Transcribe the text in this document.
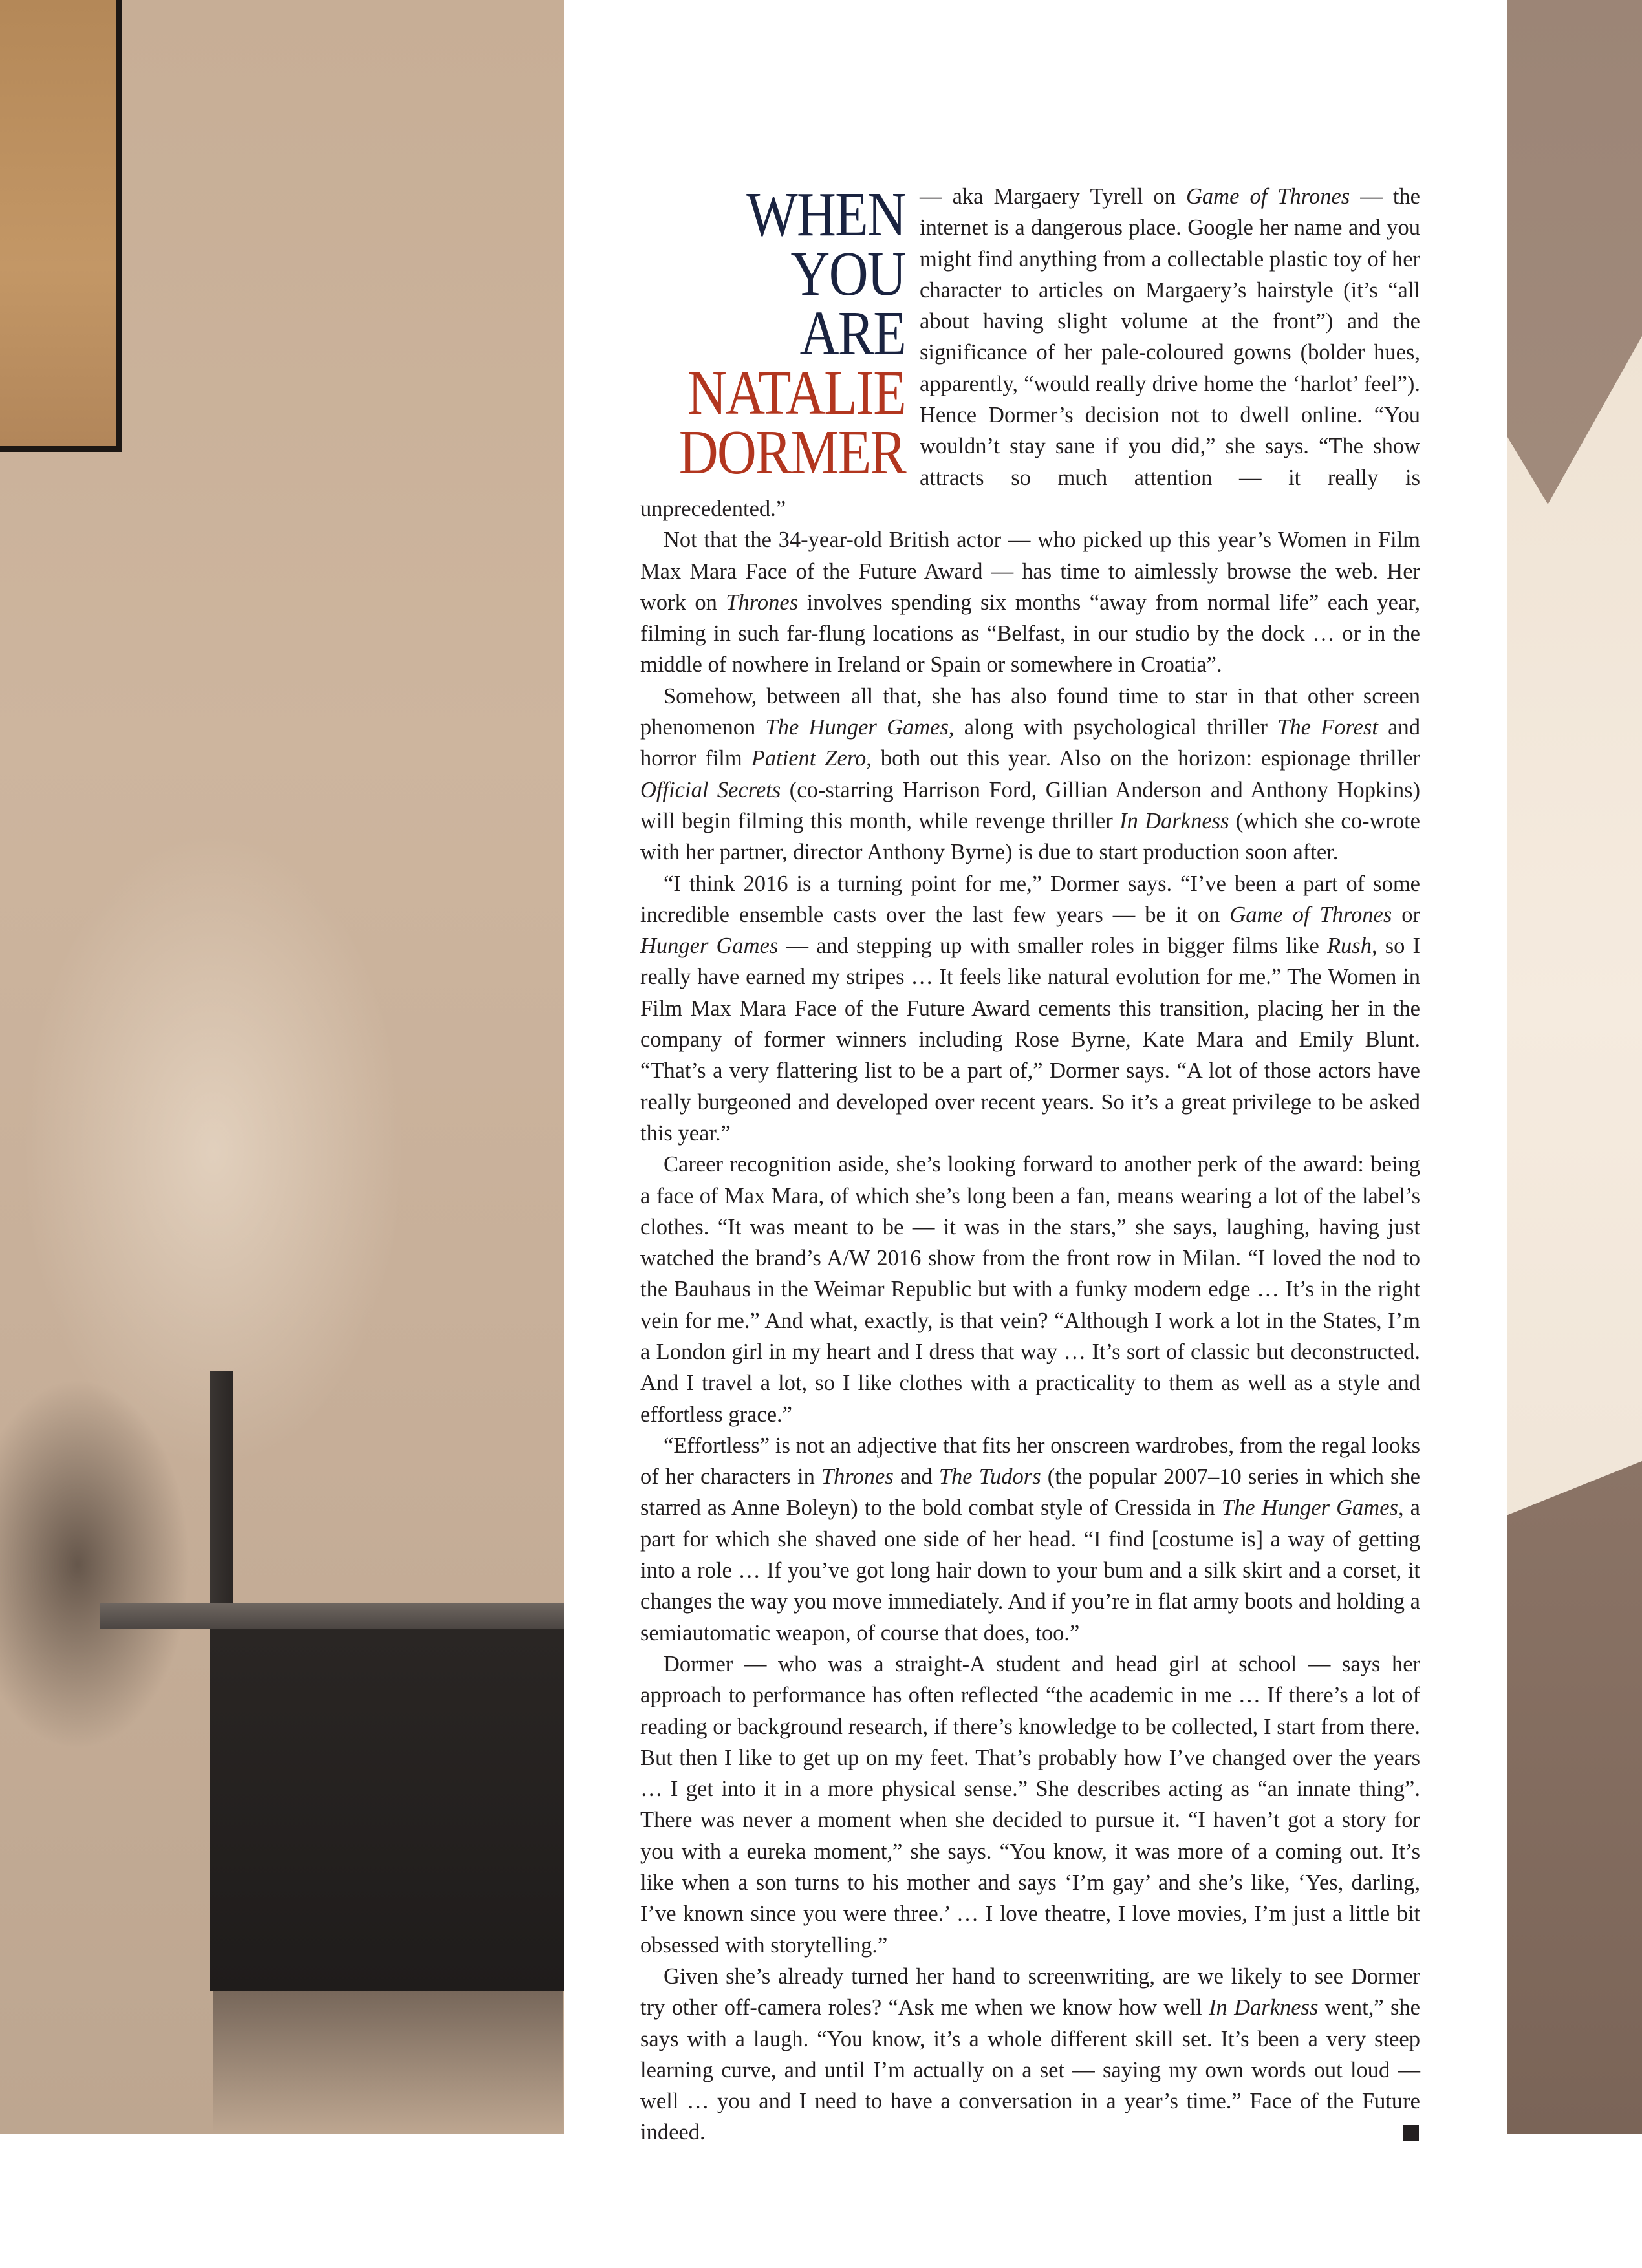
WHEN
YOU ARE
NATALIE
DORMER

— aka Margaery Tyrell on Game of Thrones — the internet is a dangerous place. Google her name and you might find anything from a collectable plastic toy of her character to articles on Margaery’s hairstyle (it’s “all about having slight volume at the front”) and the significance of her pale-coloured gowns (bolder hues, apparently, “would really drive home the ‘harlot’ feel”). Hence Dormer’s decision not to dwell online. “You wouldn’t stay sane if you did,” she says. “The show attracts so much attention — it really is unprecedented.”

Not that the 34-year-old British actor — who picked up this year’s Women in Film Max Mara Face of the Future Award — has time to aimlessly browse the web. Her work on Thrones involves spending six months “away from normal life” each year, filming in such far-flung locations as “Belfast, in our studio by the dock … or in the middle of nowhere in Ireland or Spain or somewhere in Croatia”.

Somehow, between all that, she has also found time to star in that other screen phenomenon The Hunger Games, along with psychological thriller The Forest and horror film Patient Zero, both out this year. Also on the horizon: espionage thriller Official Secrets (co-starring Harrison Ford, Gillian Anderson and Anthony Hopkins) will begin filming this month, while revenge thriller In Darkness (which she co-wrote with her partner, director Anthony Byrne) is due to start production soon after.

“I think 2016 is a turning point for me,” Dormer says. “I’ve been a part of some incredible ensemble casts over the last few years — be it on Game of Thrones or Hunger Games — and stepping up with smaller roles in bigger films like Rush, so I really have earned my stripes … It feels like natural evolution for me.” The Women in Film Max Mara Face of the Future Award cements this transition, placing her in the company of former winners including Rose Byrne, Kate Mara and Emily Blunt. “That’s a very flattering list to be a part of,” Dormer says. “A lot of those actors have really burgeoned and developed over recent years. So it’s a great privilege to be asked this year.”

Career recognition aside, she’s looking forward to another perk of the award: being a face of Max Mara, of which she’s long been a fan, means wearing a lot of the label’s clothes. “It was meant to be — it was in the stars,” she says, laughing, having just watched the brand’s A/W 2016 show from the front row in Milan. “I loved the nod to the Bauhaus in the Weimar Republic but with a funky modern edge … It’s in the right vein for me.” And what, exactly, is that vein? “Although I work a lot in the States, I’m a London girl in my heart and I dress that way … It’s sort of classic but deconstructed. And I travel a lot, so I like clothes with a practicality to them as well as a style and effortless grace.”

“Effortless” is not an adjective that fits her onscreen wardrobes, from the regal looks of her characters in Thrones and The Tudors (the popular 2007–10 series in which she starred as Anne Boleyn) to the bold combat style of Cressida in The Hunger Games, a part for which she shaved one side of her head. “I find [costume is] a way of getting into a role … If you’ve got long hair down to your bum and a silk skirt and a corset, it changes the way you move immediately. And if you’re in flat army boots and holding a semiautomatic weapon, of course that does, too.”

Dormer — who was a straight-A student and head girl at school — says her approach to performance has often reflected “the academic in me … If there’s a lot of reading or background research, if there’s knowledge to be collected, I start from there. But then I like to get up on my feet. That’s probably how I’ve changed over the years … I get into it in a more physical sense.” She describes acting as “an innate thing”. There was never a moment when she decided to pursue it. “I haven’t got a story for you with a eureka moment,” she says. “You know, it was more of a coming out. It’s like when a son turns to his mother and says ‘I’m gay’ and she’s like, ‘Yes, darling, I’ve known since you were three.’ … I love theatre, I love movies, I’m just a little bit obsessed with storytelling.”

Given she’s already turned her hand to screenwriting, are we likely to see Dormer try other off-camera roles? “Ask me when we know how well In Darkness went,” she says with a laugh. “You know, it’s a whole different skill set. It’s been a very steep learning curve, and until I’m actually on a set — saying my own words out loud — well … you and I need to have a conversation in a year’s time.” Face of the Future indeed.
